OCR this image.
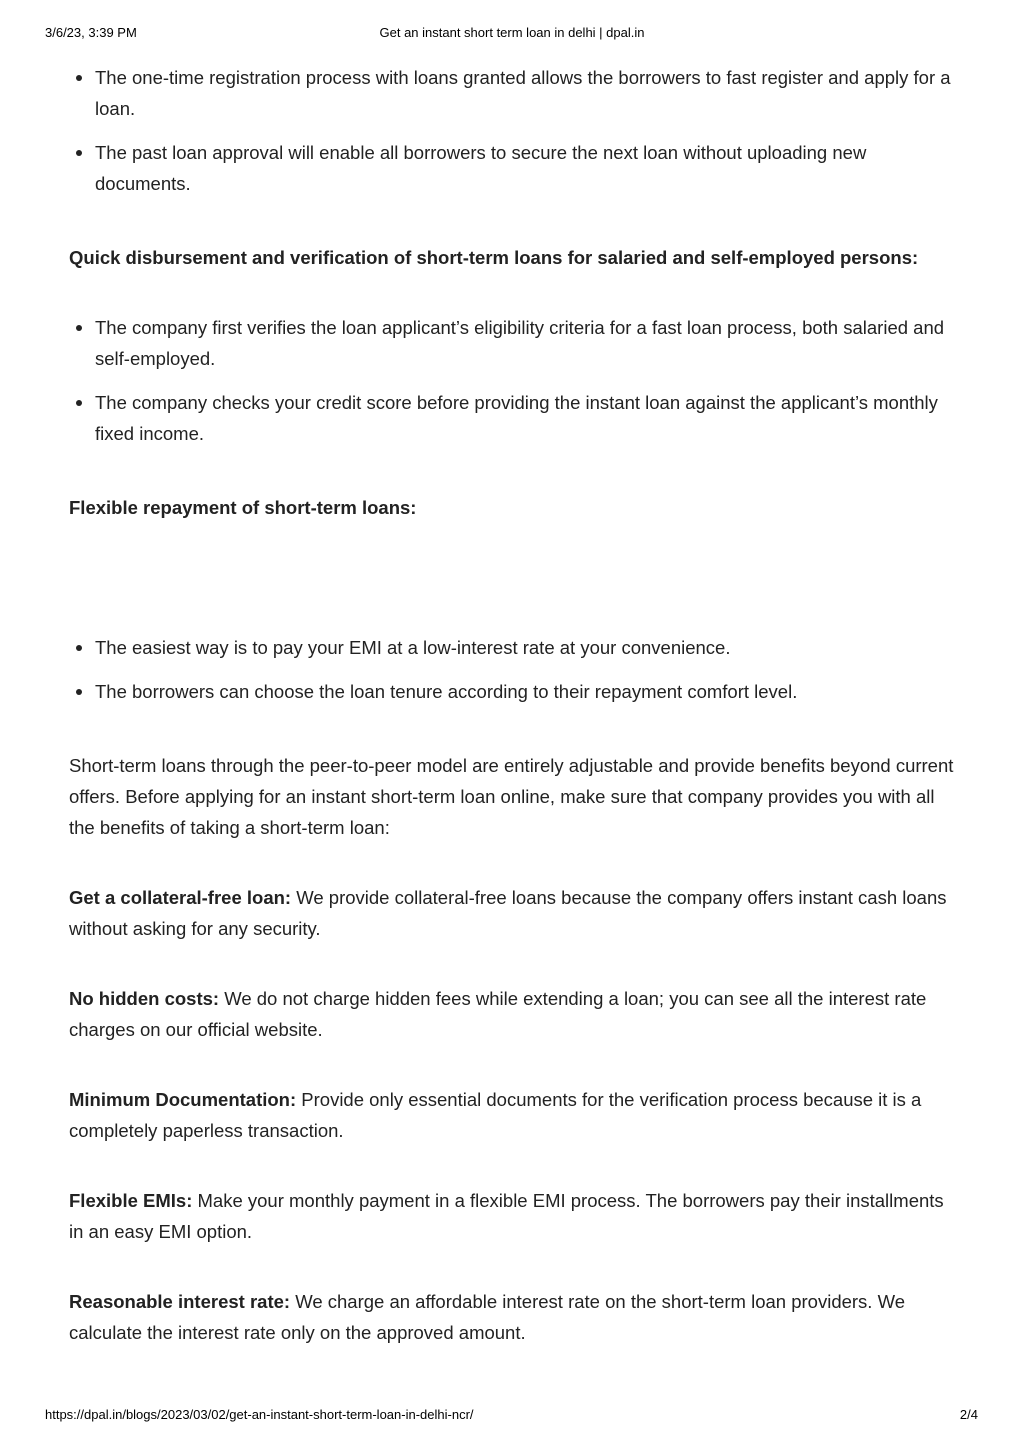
3/6/23, 3:39 PM	Get an instant short term loan in delhi | dpal.in
The one-time registration process with loans granted allows the borrowers to fast register and apply for a loan.
The past loan approval will enable all borrowers to secure the next loan without uploading new documents.

Quick disbursement and verification of short-term loans for salaried and self-employed persons:

The company first verifies the loan applicant’s eligibility criteria for a fast loan process, both salaried and self-employed.
The company checks your credit score before providing the instant loan against the applicant’s monthly fixed income.

Flexible repayment of short-term loans:

The easiest way is to pay your EMI at a low-interest rate at your convenience.
The borrowers can choose the loan tenure according to their repayment comfort level.

Short-term loans through the peer-to-peer model are entirely adjustable and provide benefits beyond current offers. Before applying for an instant short-term loan online, make sure that company provides you with all the benefits of taking a short-term loan:

Get a collateral-free loan: We provide collateral-free loans because the company offers instant cash loans without asking for any security.

No hidden costs: We do not charge hidden fees while extending a loan; you can see all the interest rate charges on our official website.

Minimum Documentation: Provide only essential documents for the verification process because it is a completely paperless transaction.

Flexible EMIs: Make your monthly payment in a flexible EMI process. The borrowers pay their installments in an easy EMI option.

Reasonable interest rate: We charge an affordable interest rate on the short-term loan providers. We calculate the interest rate only on the approved amount.

https://dpal.in/blogs/2023/03/02/get-an-instant-short-term-loan-in-delhi-ncr/	2/4
